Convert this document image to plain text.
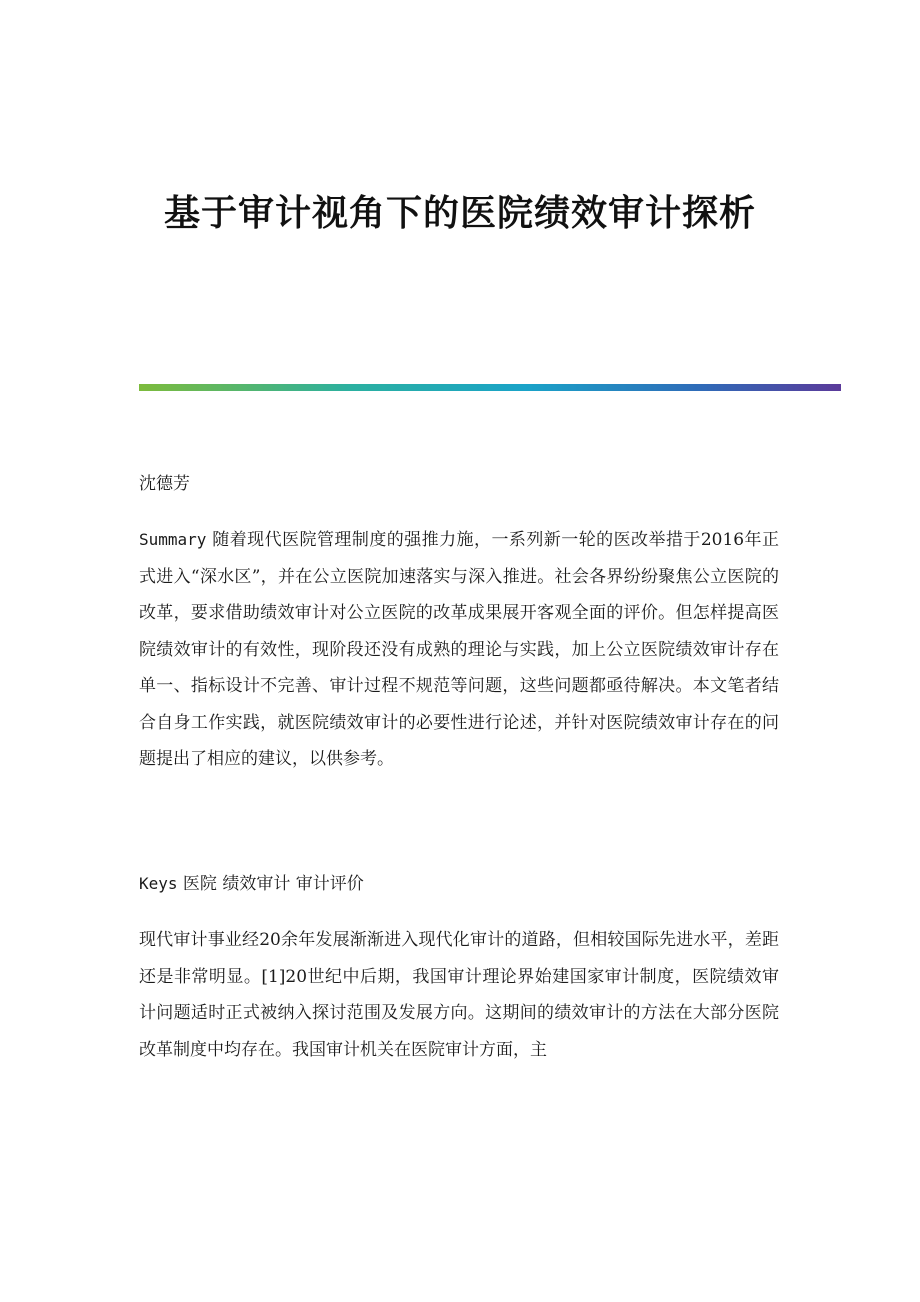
基于审计视角下的医院绩效审计探析
沈德芳

Summary 随着现代医院管理制度的强推力施，一系列新一轮的医改举措于2016年正式进入“深水区”，并在公立医院加速落实与深入推进。社会各界纷纷聚焦公立医院的改革，要求借助绩效审计对公立医院的改革成果展开客观全面的评价。但怎样提高医院绩效审计的有效性，现阶段还没有成熟的理论与实践，加上公立医院绩效审计存在单一、指标设计不完善、审计过程不规范等问题，这些问题都亟待解决。本文笔者结合自身工作实践，就医院绩效审计的必要性进行论述，并针对医院绩效审计存在的问题提出了相应的建议，以供参考。

Keys 医院 绩效审计 审计评价

现代审计事业经20余年发展渐渐进入现代化审计的道路，但相较国际先进水平，差距还是非常明显。[1]20世纪中后期，我国审计理论界始建国家审计制度，医院绩效审计问题适时正式被纳入探讨范围及发展方向。这期间的绩效审计的方法在大部分医院改革制度中均存在。我国审计机关在医院审计方面，主
